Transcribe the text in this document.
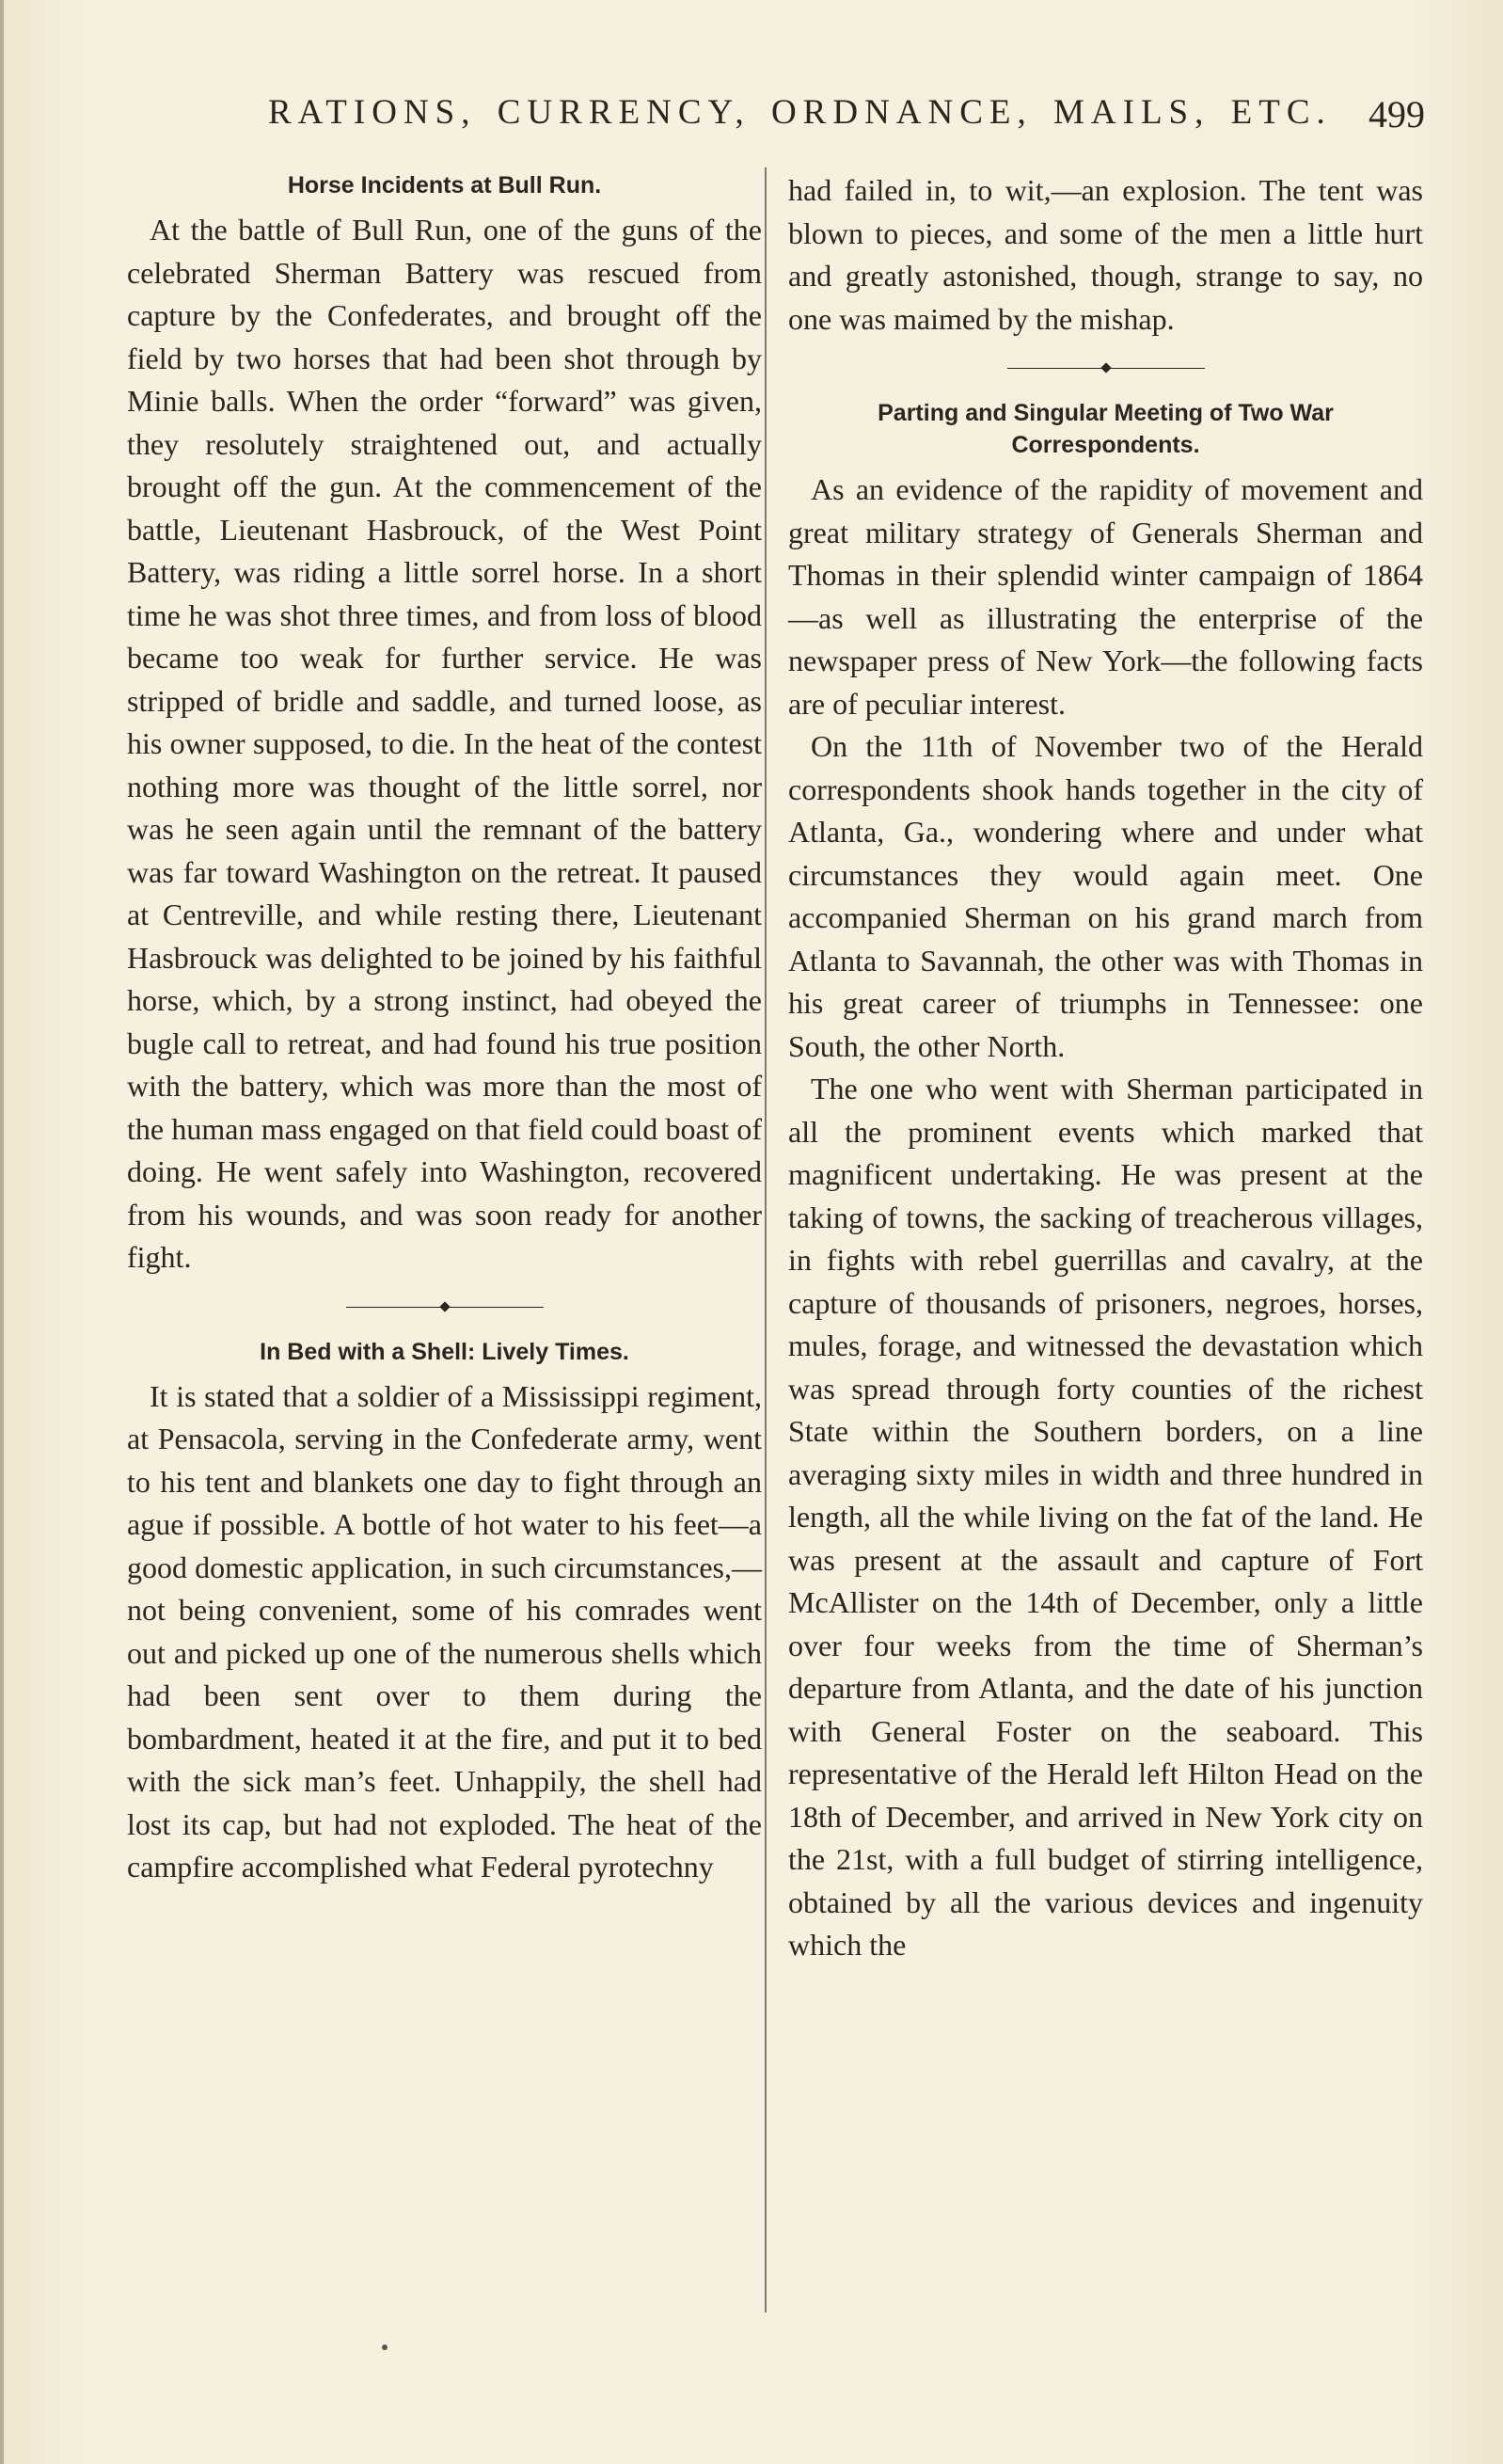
RATIONS, CURRENCY, ORDNANCE, MAILS, ETC. 499
Horse Incidents at Bull Run.

At the battle of Bull Run, one of the guns of the celebrated Sherman Battery was rescued from capture by the Confederates, and brought off the field by two horses that had been shot through by Minie balls. When the order “forward” was given, they resolutely straightened out, and actually brought off the gun. At the commencement of the battle, Lieutenant Hasbrouck, of the West Point Battery, was riding a little sorrel horse. In a short time he was shot three times, and from loss of blood became too weak for further service. He was stripped of bridle and saddle, and turned loose, as his owner supposed, to die. In the heat of the contest nothing more was thought of the little sorrel, nor was he seen again until the remnant of the battery was far toward Washington on the retreat. It paused at Centreville, and while resting there, Lieutenant Hasbrouck was delighted to be joined by his faithful horse, which, by a strong instinct, had obeyed the bugle call to retreat, and had found his true position with the battery, which was more than the most of the human mass engaged on that field could boast of doing. He went safely into Washington, recovered from his wounds, and was soon ready for another fight.

In Bed with a Shell: Lively Times.

It is stated that a soldier of a Mississippi regiment, at Pensacola, serving in the Confederate army, went to his tent and blankets one day to fight through an ague if possible. A bottle of hot water to his feet—a good domestic application, in such circumstances,—not being convenient, some of his comrades went out and picked up one of the numerous shells which had been sent over to them during the bombardment, heated it at the fire, and put it to bed with the sick man’s feet. Unhappily, the shell had lost its cap, but had not exploded. The heat of the campfire accomplished what Federal pyrotechny

had failed in, to wit,—an explosion. The tent was blown to pieces, and some of the men a little hurt and greatly astonished, though, strange to say, no one was maimed by the mishap.

Parting and Singular Meeting of Two War Correspondents.

As an evidence of the rapidity of movement and great military strategy of Generals Sherman and Thomas in their splendid winter campaign of 1864—as well as illustrating the enterprise of the newspaper press of New York—the following facts are of peculiar interest.

On the 11th of November two of the Herald correspondents shook hands together in the city of Atlanta, Ga., wondering where and under what circumstances they would again meet. One accompanied Sherman on his grand march from Atlanta to Savannah, the other was with Thomas in his great career of triumphs in Tennessee: one South, the other North.

The one who went with Sherman participated in all the prominent events which marked that magnificent undertaking. He was present at the taking of towns, the sacking of treacherous villages, in fights with rebel guerrillas and cavalry, at the capture of thousands of prisoners, negroes, horses, mules, forage, and witnessed the devastation which was spread through forty counties of the richest State within the Southern borders, on a line averaging sixty miles in width and three hundred in length, all the while living on the fat of the land. He was present at the assault and capture of Fort McAllister on the 14th of December, only a little over four weeks from the time of Sherman’s departure from Atlanta, and the date of his junction with General Foster on the seaboard. This representative of the Herald left Hilton Head on the 18th of December, and arrived in New York city on the 21st, with a full budget of stirring intelligence, obtained by all the various devices and ingenuity which the
